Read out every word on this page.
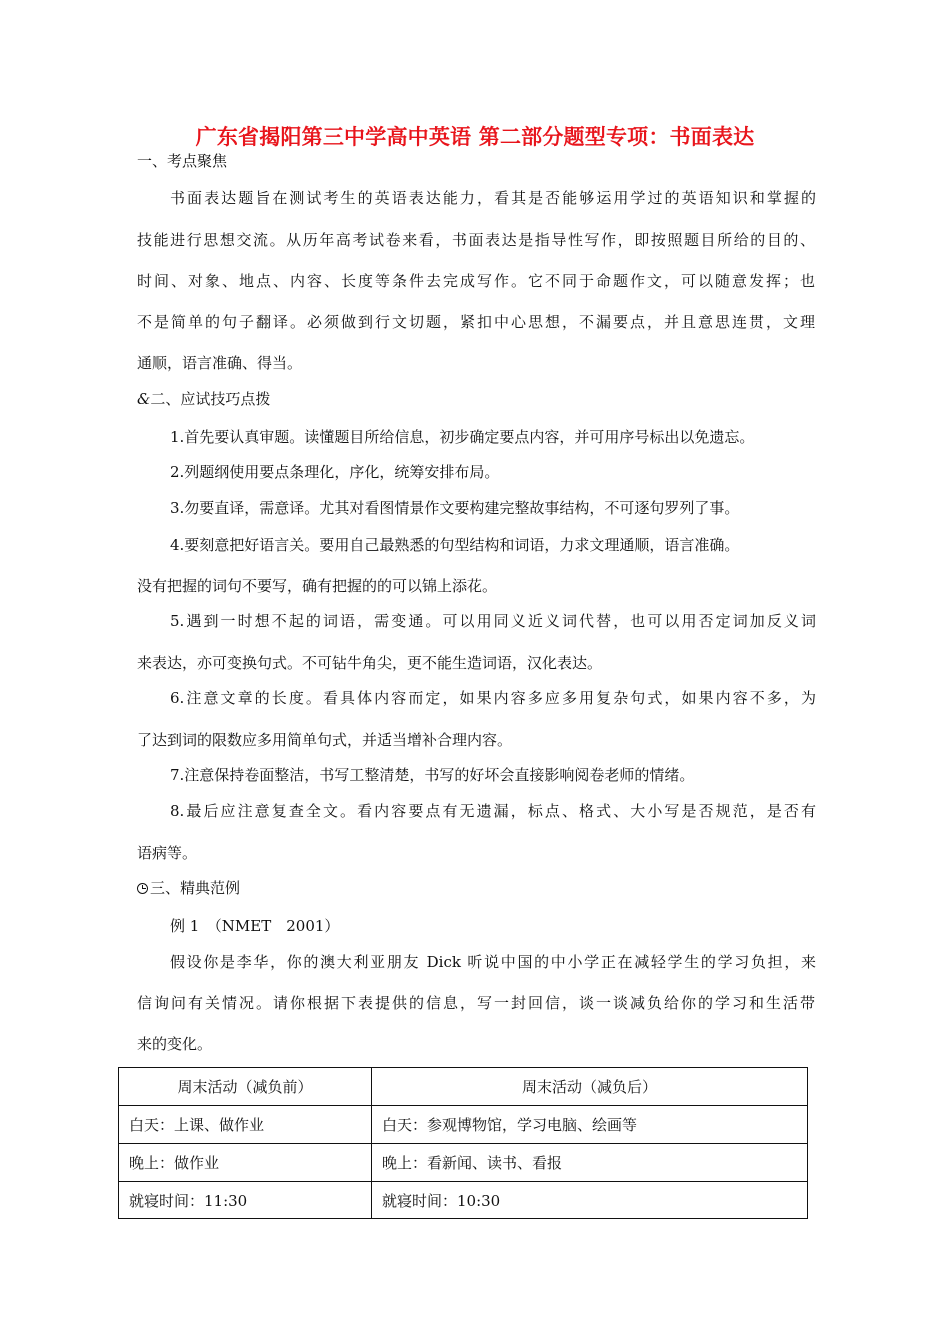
广东省揭阳第三中学高中英语 第二部分题型专项：书面表达
一、考点聚焦
书面表达题旨在测试考生的英语表达能力，看其是否能够运用学过的英语知识和掌握的
技能进行思想交流。从历年高考试卷来看，书面表达是指导性写作，即按照题目所给的目的、
时间、对象、地点、内容、长度等条件去完成写作。它不同于命题作文，可以随意发挥；也
不是简单的句子翻译。必须做到行文切题，紧扣中心思想，不漏要点，并且意思连贯，文理
通顺，语言准确、得当。
&二、应试技巧点拨
1.首先要认真审题。读懂题目所给信息，初步确定要点内容，并可用序号标出以免遗忘。
2.列题纲使用要点条理化，序化，统筹安排布局。
3.勿要直译，需意译。尤其对看图情景作文要构建完整故事结构，不可逐句罗列了事。
4.要刻意把好语言关。要用自己最熟悉的句型结构和词语，力求文理通顺，语言准确。
没有把握的词句不要写，确有把握的的可以锦上添花。
5.遇到一时想不起的词语，需变通。可以用同义近义词代替，也可以用否定词加反义词
来表达，亦可变换句式。不可钻牛角尖，更不能生造词语，汉化表达。
6.注意文章的长度。看具体内容而定，如果内容多应多用复杂句式，如果内容不多，为
了达到词的限数应多用简单句式，并适当增补合理内容。
7.注意保持卷面整洁，书写工整清楚，书写的好坏会直接影响阅卷老师的情绪。
8.最后应注意复查全文。看内容要点有无遗漏，标点、格式、大小写是否规范，是否有
语病等。
三、精典范例
例 1　（NMET　2001）
假设你是李华，你的澳大利亚朋友 Dick 听说中国的中小学正在减轻学生的学习负担，来
信询问有关情况。请你根据下表提供的信息，写一封回信，谈一谈减负给你的学习和生活带
来的变化。
周末活动（减负前）	周末活动（减负后）
白天：上课、做作业	白天：参观博物馆，学习电脑、绘画等
晚上：做作业	晚上：看新闻、读书、看报
就寝时间：11:30	就寝时间：10:30
